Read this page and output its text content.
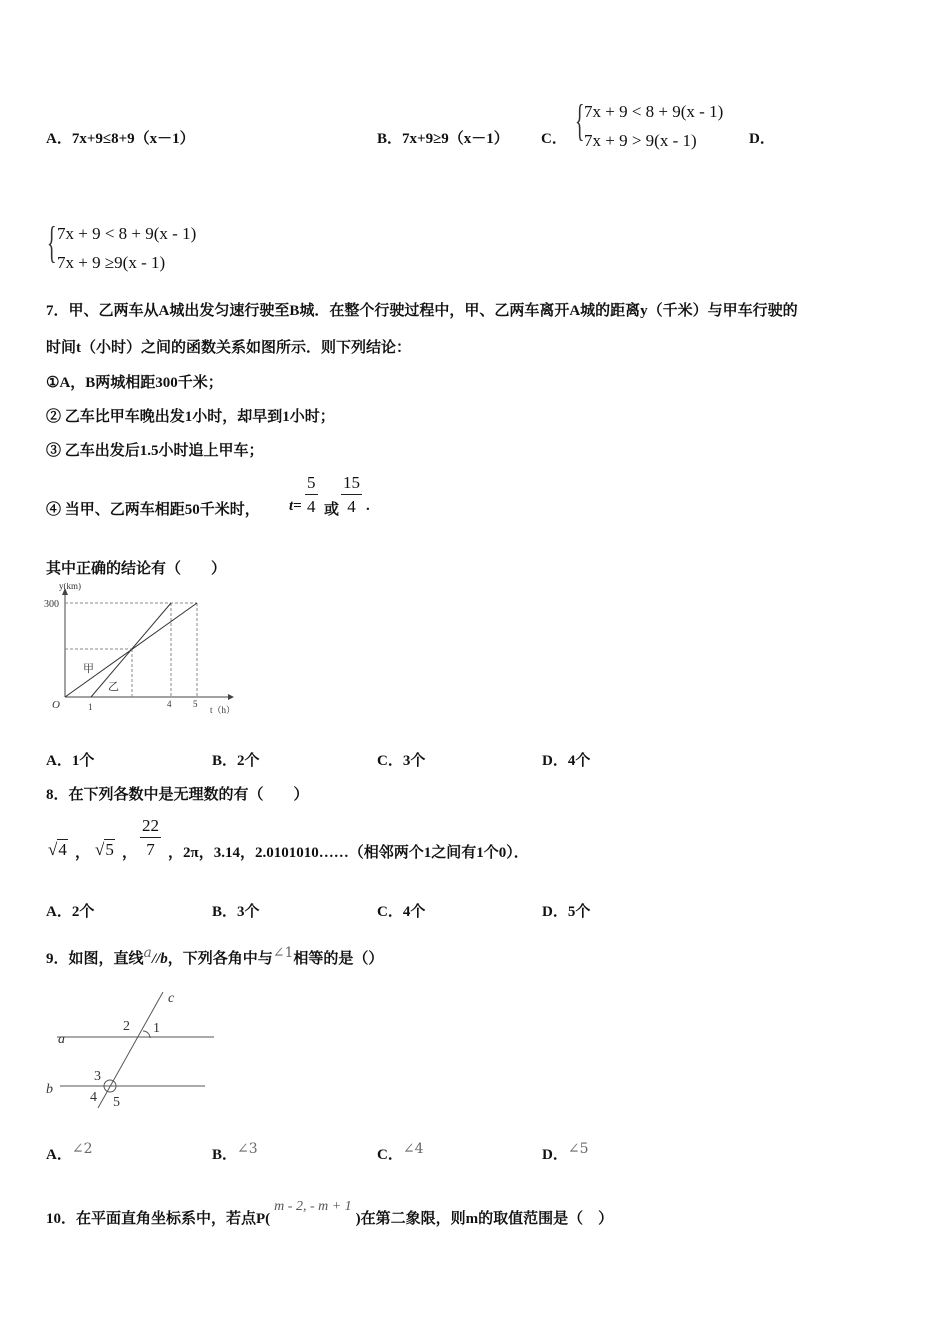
A．7x+9≤8+9（x－1）	B．7x+9≥9（x－1） C． { 7x + 9 < 8 + 9(x - 1)
7x + 9 > 9(x - 1)	D．
{ 7x + 9 < 8 + 9(x - 1)
7x + 9 ≥9(x - 1)
7．甲、乙两车从A城出发匀速行驶至B城．在整个行驶过程中，甲、乙两车离开A城的距离y（千米）与甲车行驶的
时间t（小时）之间的函数关系如图所示．则下列结论：
①A，B两城相距300千米；
② 乙车比甲车晚出发1小时，却早到1小时；
③ 乙车出发后1.5小时追上甲车；
④ 当甲、乙两车相距50千米时， $t= \frac{5}{4}$ 或 $\frac{15}{4}$ .
其中正确的结论有（　　）
y(km)
300
O	1	4 5
t（h）
甲
乙
A．1个	B．2个	C．3个	D．4个
8．在下列各数中是无理数的有（　　）
√4 ， √5 ， $\frac{22}{7}$ ，2π，3.14，2.0101010……（相邻两个1之间有1个0）．
A．2个	B．3个	C．4个	D．5个
9．如图，直线a//b，下列各角中与∠1相等的是（）
c
a
b
1
2
3
4 5
A．∠2	B．∠3	C．∠4	D．∠5
10．在平面直角坐标系中，若点P(m - 2, - m + 1)在第二象限，则m的取值范围是（　）
